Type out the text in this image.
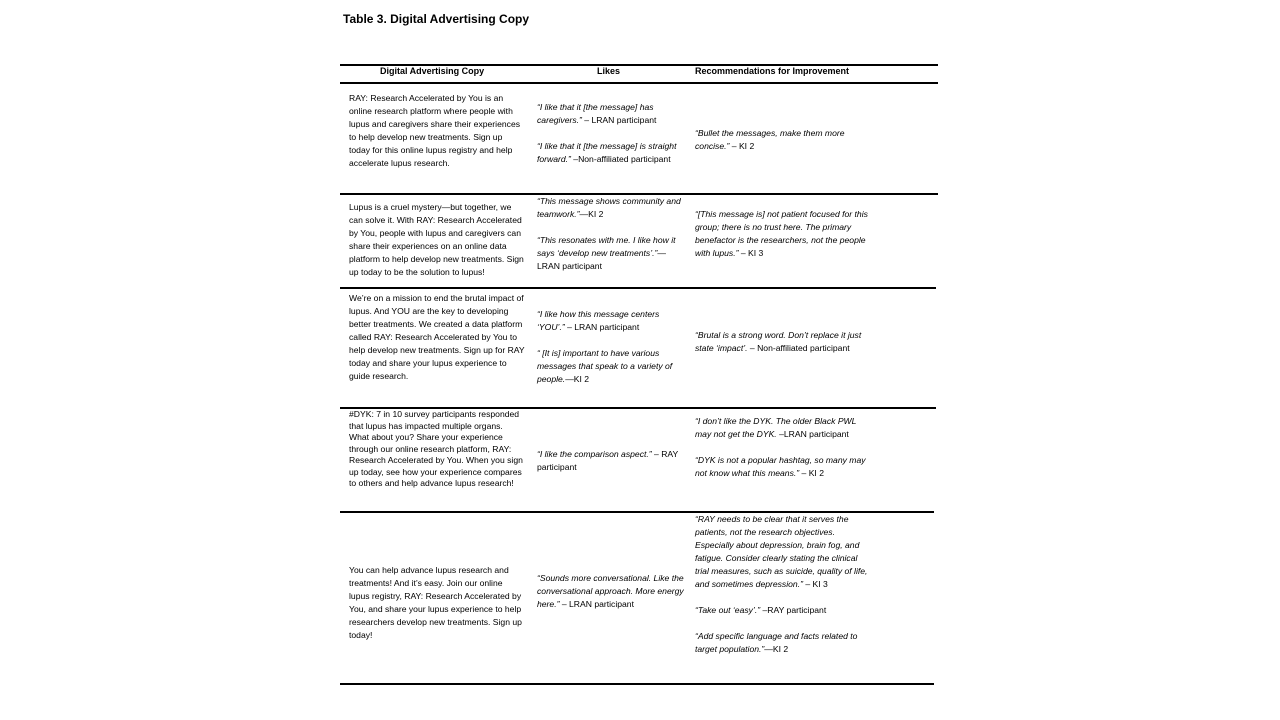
Table 3. Digital Advertising Copy
Digital Advertising Copy	Likes	Recommendations for Improvement
RAY: Research Accelerated by You is an online research platform where people with lupus and caregivers share their experiences to help develop new treatments. Sign up today for this online lupus registry and help accelerate lupus research.

“I like that it [the message] has caregivers.” – LRAN participant

“I like that it [the message] is straight forward.” –Non-affiliated participant

“Bullet the messages, make them more concise.” – KI 2

Lupus is a cruel mystery—but together, we can solve it. With RAY: Research Accelerated by You, people with lupus and caregivers can share their experiences on an online data platform to help develop new treatments. Sign up today to be the solution to lupus!

“This message shows community and teamwork.”—KI 2

“This resonates with me. I like how it says ‘develop new treatments’.”—LRAN participant

“[This message is] not patient focused for this group; there is no trust here. The primary benefactor is the researchers, not the people with lupus.” – KI 3

We’re on a mission to end the brutal impact of lupus. And YOU are the key to developing better treatments. We created a data platform called RAY: Research Accelerated by You to help develop new treatments. Sign up for RAY today and share your lupus experience to guide research.

“I like how this message centers ‘YOU’.” – LRAN participant

“ [It is] important to have various messages that speak to a variety of people.—KI 2

“Brutal is a strong word. Don’t replace it just state ‘impact’. – Non-affiliated participant

#DYK: 7 in 10 survey participants responded that lupus has impacted multiple organs. What about you? Share your experience through our online research platform, RAY: Research Accelerated by You. When you sign up today, see how your experience compares to others and help advance lupus research!

“I like the comparison aspect.” – RAY participant

“I don’t like the DYK. The older Black PWL may not get the DYK. –LRAN participant

“DYK is not a popular hashtag, so many may not know what this means.” – KI 2

You can help advance lupus research and treatments! And it’s easy. Join our online lupus registry, RAY: Research Accelerated by You, and share your lupus experience to help researchers develop new treatments. Sign up today!

“Sounds more conversational. Like the conversational approach. More energy here.” – LRAN participant

“RAY needs to be clear that it serves the patients, not the research objectives. Especially about depression, brain fog, and fatigue. Consider clearly stating the clinical trial measures, such as suicide, quality of life, and sometimes depression.” – KI 3

“Take out ‘easy’.” –RAY participant

“Add specific language and facts related to target population.”—KI 2
